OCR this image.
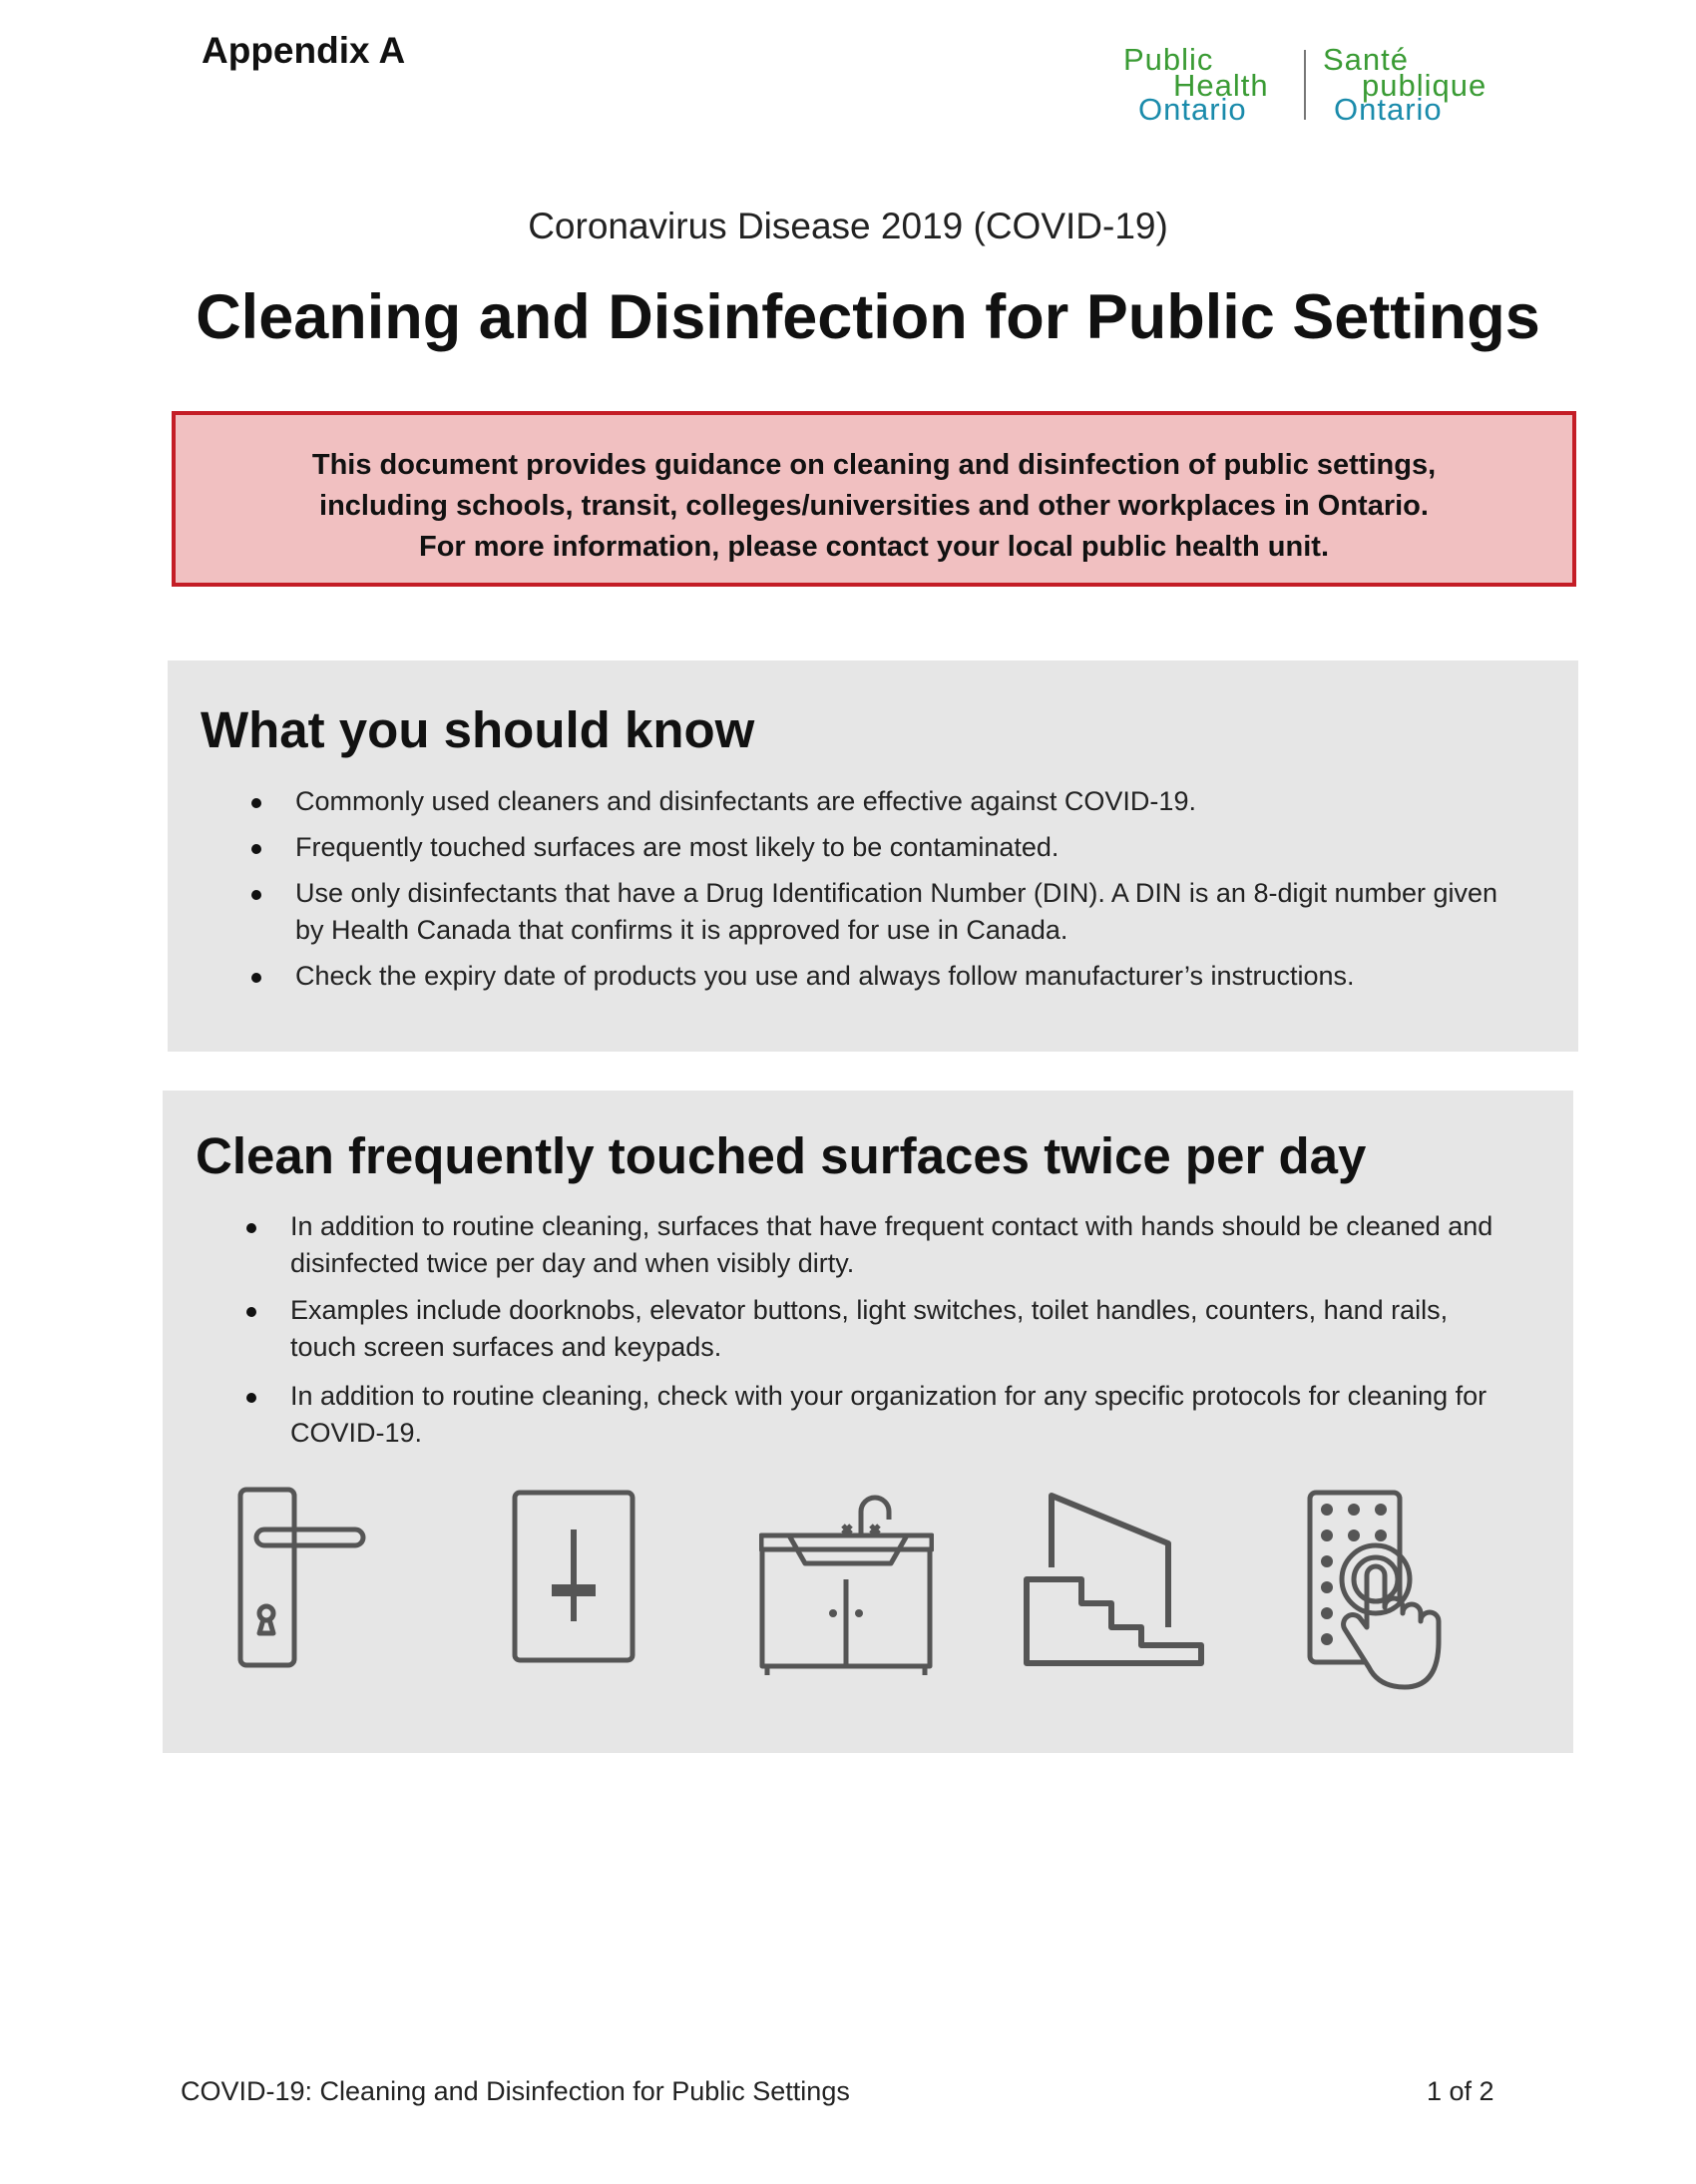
Appendix A	Public
Health
Ontario
Santé
publique
Ontario
Coronavirus Disease 2019 (COVID-19)
Cleaning and Disinfection for Public Settings
This document provides guidance on cleaning and disinfection of public settings,
including schools, transit, colleges/universities and other workplaces in Ontario.
For more information, please contact your local public health unit.
What you should know
Commonly used cleaners and disinfectants are effective against COVID-19.
Frequently touched surfaces are most likely to be contaminated.
Use only disinfectants that have a Drug Identification Number (DIN). A DIN is an 8-digit number given by Health Canada that confirms it is approved for use in Canada.
Check the expiry date of products you use and always follow manufacturer’s instructions.
Clean frequently touched surfaces twice per day
In addition to routine cleaning, surfaces that have frequent contact with hands should be cleaned and disinfected twice per day and when visibly dirty.
Examples include doorknobs, elevator buttons, light switches, toilet handles, counters, hand rails, touch screen surfaces and keypads.
In addition to routine cleaning, check with your organization for any specific protocols for cleaning for COVID-19.
COVID-19: Cleaning and Disinfection for Public Settings	1 of 2
